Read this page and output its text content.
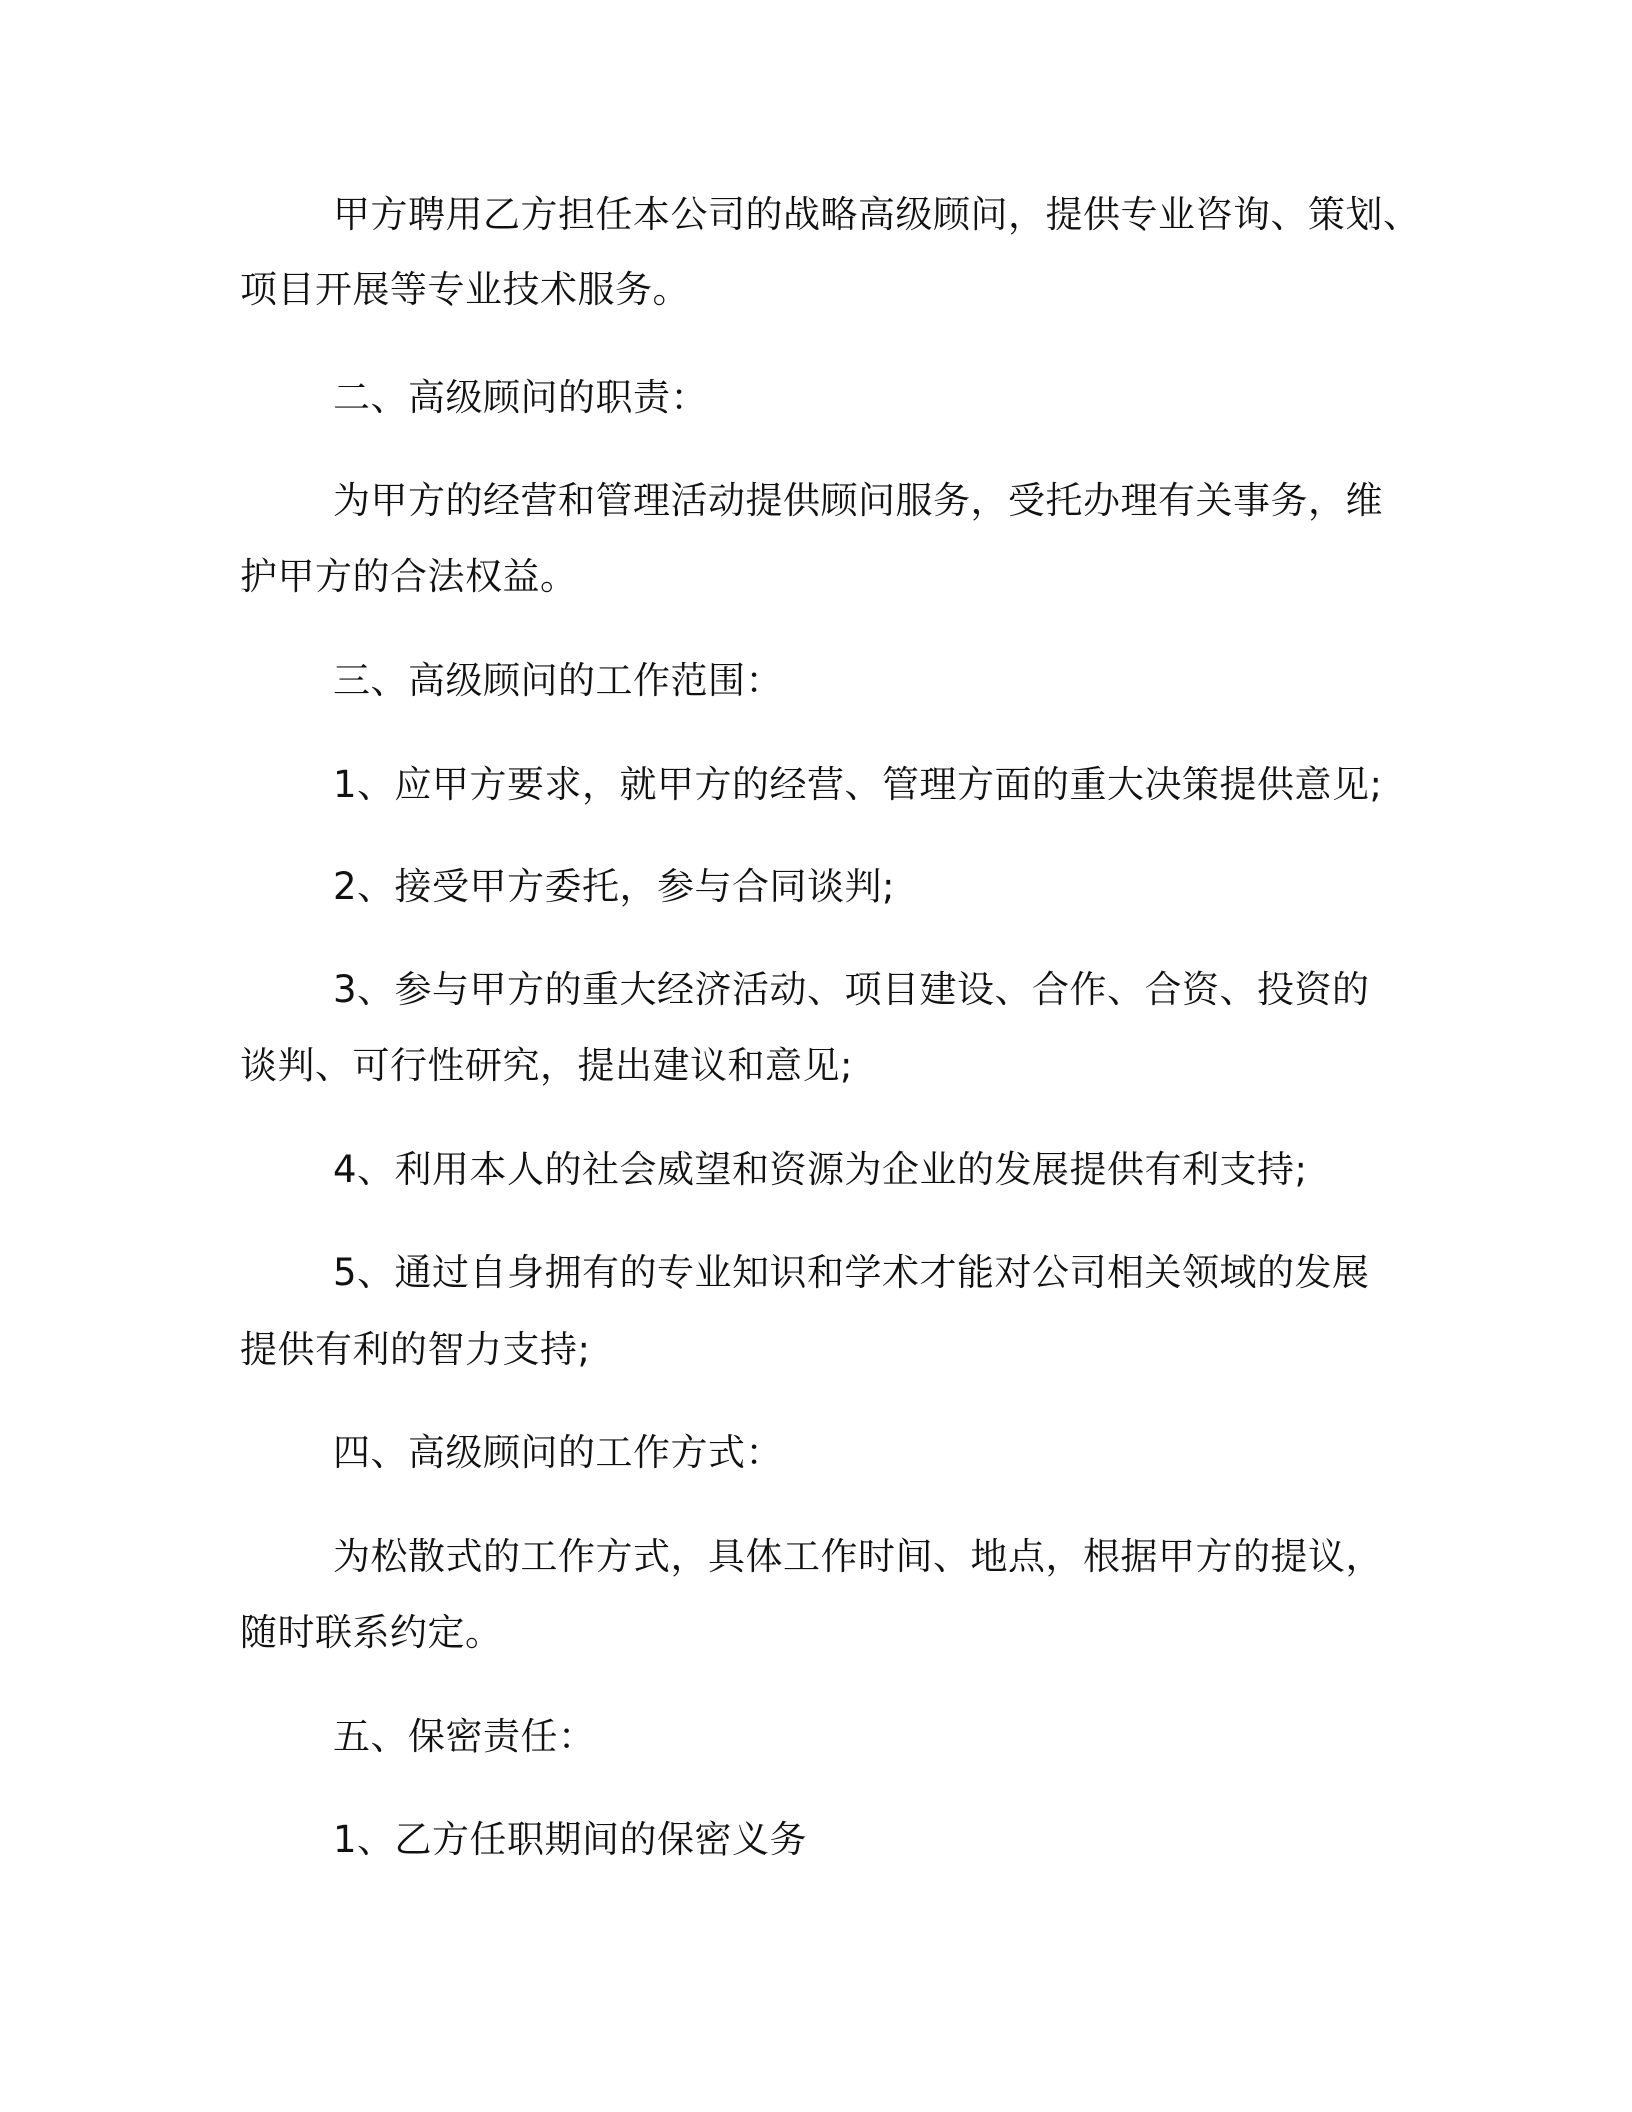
甲方聘用乙方担任本公司的战略高级顾问，提供专业咨询、策划、

项目开展等专业技术服务。

二、高级顾问的职责：

为甲方的经营和管理活动提供顾问服务，受托办理有关事务，维

护甲方的合法权益。

三、高级顾问的工作范围：

1、应甲方要求，就甲方的经营、管理方面的重大决策提供意见;

2、接受甲方委托，参与合同谈判;

3、参与甲方的重大经济活动、项目建设、合作、合资、投资的

谈判、可行性研究，提出建议和意见;

4、利用本人的社会威望和资源为企业的发展提供有利支持;

5、通过自身拥有的专业知识和学术才能对公司相关领域的发展

提供有利的智力支持;

四、高级顾问的工作方式：

为松散式的工作方式，具体工作时间、地点，根据甲方的提议，

随时联系约定。

五、保密责任：

1、乙方任职期间的保密义务
